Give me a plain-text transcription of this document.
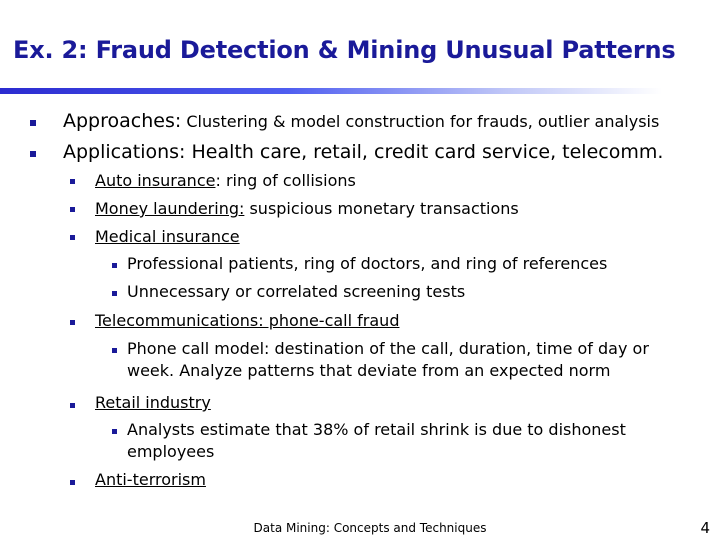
Ex. 2: Fraud Detection & Mining Unusual Patterns
Approaches: Clustering & model construction for frauds, outlier analysis
Applications: Health care, retail, credit card service, telecomm.
Auto insurance: ring of collisions
Money laundering: suspicious monetary transactions
Medical insurance
Professional patients, ring of doctors, and ring of references
Unnecessary or correlated screening tests
Telecommunications: phone-call fraud
Phone call model: destination of the call, duration, time of day or
week. Analyze patterns that deviate from an expected norm
Retail industry
Analysts estimate that 38% of retail shrink is due to dishonest
employees
Anti-terrorism
Data Mining: Concepts and Techniques	4
